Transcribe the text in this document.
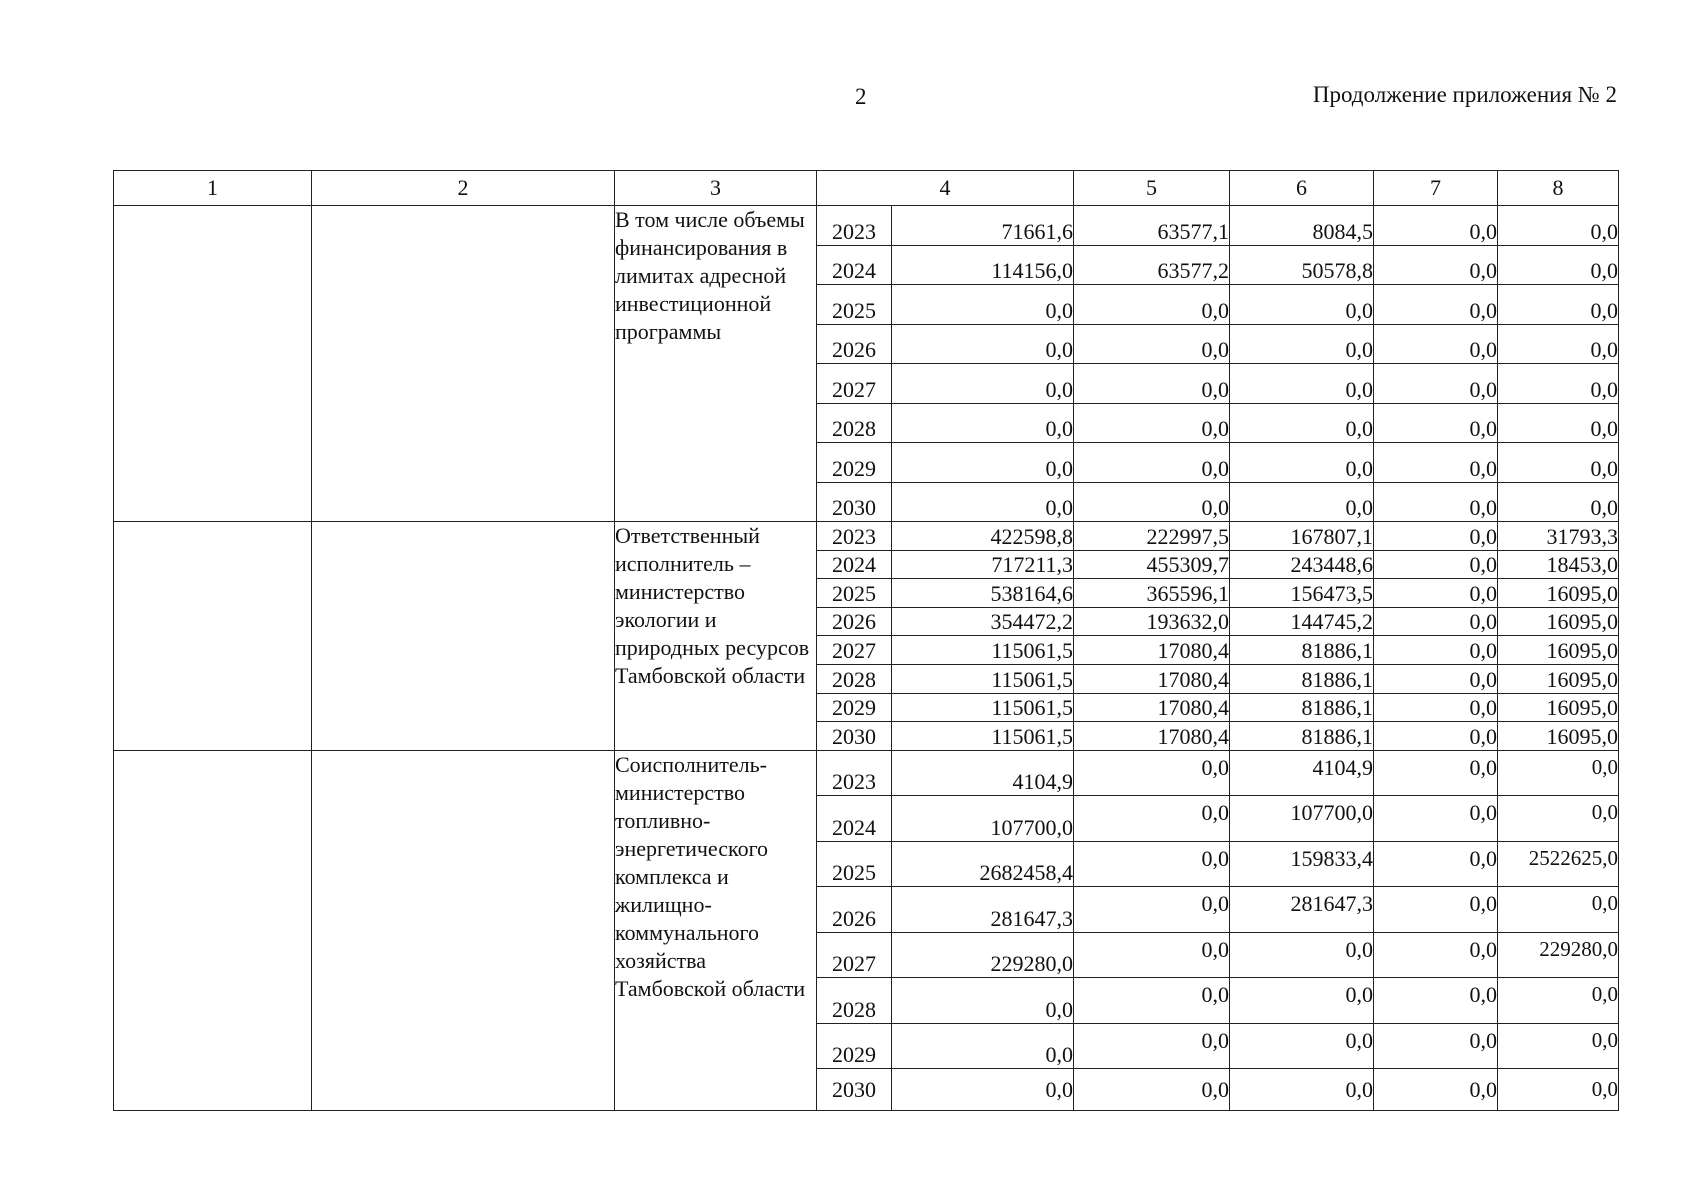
2	Продолжение приложения № 2
1	2	3	4		5	6	7	8
		В том числе объемы финансирования в лимитах адресной инвестиционной программы	2023	71661,6	63577,1	8084,5	0,0	0,0
			2024	114156,0	63577,2	50578,8	0,0	0,0
			2025	0,0	0,0	0,0	0,0	0,0
			2026	0,0	0,0	0,0	0,0	0,0
			2027	0,0	0,0	0,0	0,0	0,0
			2028	0,0	0,0	0,0	0,0	0,0
			2029	0,0	0,0	0,0	0,0	0,0
			2030	0,0	0,0	0,0	0,0	0,0
		Ответственный исполнитель – министерство экологии и природных ресурсов Тамбовской области	2023	422598,8	222997,5	167807,1	0,0	31793,3
			2024	717211,3	455309,7	243448,6	0,0	18453,0
			2025	538164,6	365596,1	156473,5	0,0	16095,0
			2026	354472,2	193632,0	144745,2	0,0	16095,0
			2027	115061,5	17080,4	81886,1	0,0	16095,0
			2028	115061,5	17080,4	81886,1	0,0	16095,0
			2029	115061,5	17080,4	81886,1	0,0	16095,0
			2030	115061,5	17080,4	81886,1	0,0	16095,0
		Соисполнитель-министерство топливно-энергетического комплекса и жилищно-коммунального хозяйства Тамбовской области	2023	4104,9	0,0	4104,9	0,0	0,0
			2024	107700,0	0,0	107700,0	0,0	0,0
			2025	2682458,4	0,0	159833,4	0,0	2522625,0
			2026	281647,3	0,0	281647,3	0,0	0,0
			2027	229280,0	0,0	0,0	0,0	229280,0
			2028	0,0	0,0	0,0	0,0	0,0
			2029	0,0	0,0	0,0	0,0	0,0
			2030	0,0	0,0	0,0	0,0	0,0
